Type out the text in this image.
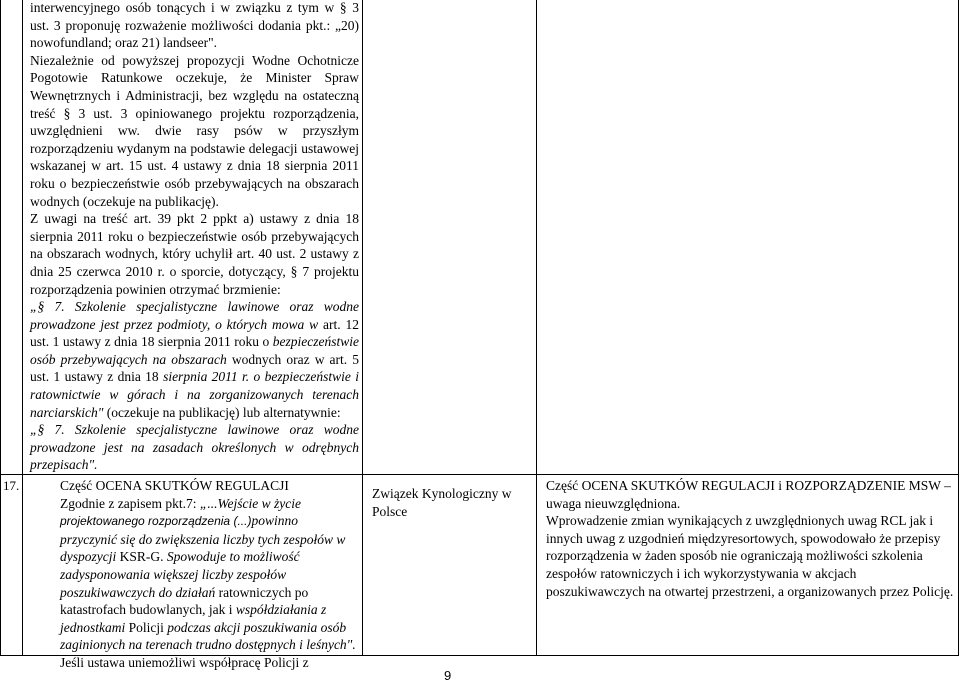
interwencyjnego osób tonących i w związku z tym w § 3 ust. 3 proponuję rozważenie możliwości dodania pkt.: „20) nowofundland; oraz 21) landseer".

Niezależnie od powyższej propozycji Wodne Ochotnicze Pogotowie Ratunkowe oczekuje, że Minister Spraw Wewnętrznych i Administracji, bez względu na ostateczną treść § 3 ust. 3 opiniowanego projektu rozporządzenia, uwzględnieni ww. dwie rasy psów w przyszłym rozporządzeniu wydanym na podstawie delegacji ustawowej wskazanej w art. 15 ust. 4 ustawy z dnia 18 sierpnia 2011 roku o bezpieczeństwie osób przebywających na obszarach wodnych (oczekuje na publikację).

Z uwagi na treść art. 39 pkt 2 ppkt a) ustawy z dnia 18 sierpnia 2011 roku o bezpieczeństwie osób przebywających na obszarach wodnych, który uchylił art. 40 ust. 2 ustawy z dnia 25 czerwca 2010 r. o sporcie, dotyczący, § 7 projektu rozporządzenia powinien otrzymać brzmienie:

„§ 7. Szkolenie specjalistyczne lawinowe oraz wodne prowadzone jest przez podmioty, o których mowa w art. 12 ust. 1 ustawy z dnia 18 sierpnia 2011 roku o bezpieczeństwie osób przebywających na obszarach wodnych oraz w art. 5 ust. 1 ustawy z dnia 18 sierpnia 2011 r. o bezpieczeństwie i ratownictwie w górach i na zorganizowanych terenach narciarskich" (oczekuje na publikację) lub alternatywnie:

„§ 7. Szkolenie specjalistyczne lawinowe oraz wodne prowadzone jest na zasadach określonych w odrębnych przepisach".

17.	Część OCENA SKUTKÓW REGULACJI

Zgodnie z zapisem pkt.7: „...Wejście w życie projektowanego rozporządzenia (...)powinno przyczynić się do zwiększenia liczby tych zespołów w dyspozycji KSR-G. Spowoduje to możliwość zadysponowania większej liczby zespołów poszukiwawczych do działań ratowniczych po katastrofach budowlanych, jak i współdziałania z jednostkami Policji podczas akcji poszukiwania osób zaginionych na terenach trudno dostępnych i leśnych".

Jeśli ustawa uniemożliwi współpracę Policji z

Związek Kynologiczny w Polsce

Część OCENA SKUTKÓW REGULACJI i ROZPORZĄDZENIE MSW – uwaga nieuwzględniona.

Wprowadzenie zmian wynikających z uwzględnionych uwag RCL jak i innych uwag z uzgodnień międzyresortowych, spowodowało że przepisy rozporządzenia w żaden sposób nie ograniczają możliwości szkolenia zespołów ratowniczych i ich wykorzystywania w akcjach poszukiwawczych na otwartej przestrzeni, a organizowanych przez Policję.

9
